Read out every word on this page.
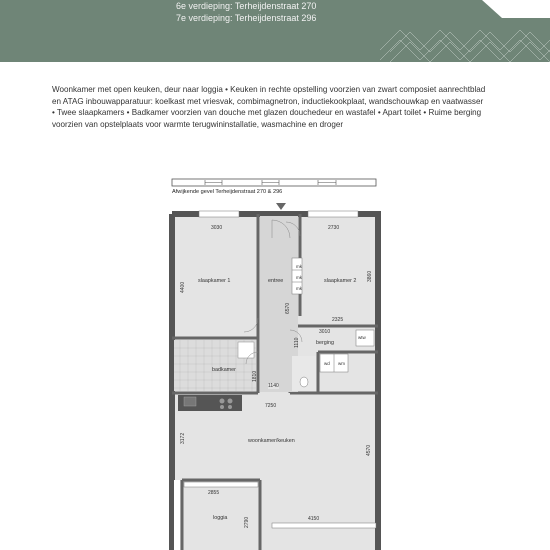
6e verdieping: Terheijdenstraat 270
7e verdieping: Terheijdenstraat 296

Woonkamer met open keuken, deur naar loggia • Keuken in rechte opstelling voorzien van zwart composiet aanrechtblad

en ATAG inbouwapparatuur: koelkast met vriesvak, combimagnetron, inductiekookplaat, wandschouwkap en vaatwasser

• Twee slaapkamers • Badkamer voorzien van douche met glazen douchedeur en wastafel • Apart toilet • Ruime berging

voorzien van opstelplaats voor warmte terugwininstallatie, wasmachine en droger

Afwijkende gevel Terheijdenstraat 270 & 296
slaapkamer 1	entree	slaapkamer 2
berging
badkamer
woonkamer/keuken
loggia
mk
mk
mk
wtw
wm
wd
3030	2730
4400
3860
6570
2325
3010
1110
1810
1140
7250
3172
4570
2855
4150
2790
